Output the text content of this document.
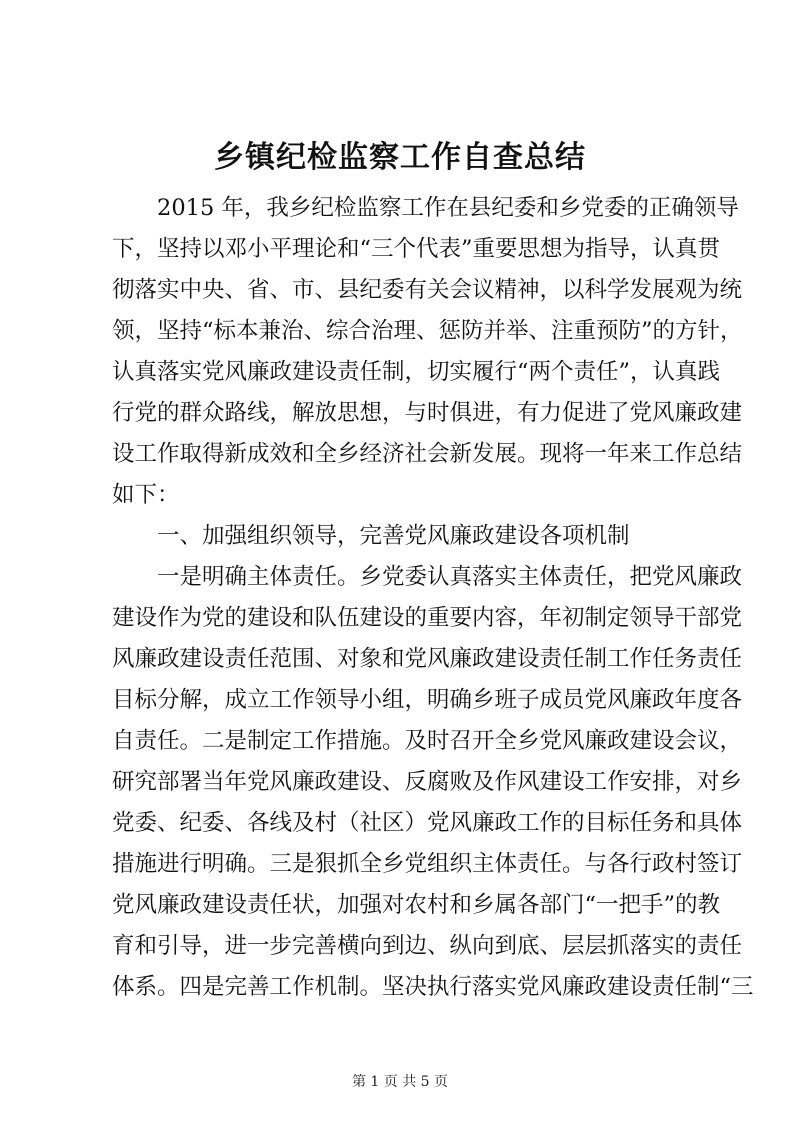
乡镇纪检监察工作自查总结
　　2015 年，我乡纪检监察工作在县纪委和乡党委的正确领导
下，坚持以邓小平理论和“三个代表”重要思想为指导，认真贯
彻落实中央、省、市、县纪委有关会议精神，以科学发展观为统
领，坚持“标本兼治、综合治理、惩防并举、注重预防”的方针，
认真落实党风廉政建设责任制，切实履行“两个责任”，认真践
行党的群众路线，解放思想，与时俱进，有力促进了党风廉政建
设工作取得新成效和全乡经济社会新发展。现将一年来工作总结
如下：
　　一、加强组织领导，完善党风廉政建设各项机制
　　一是明确主体责任。乡党委认真落实主体责任，把党风廉政
建设作为党的建设和队伍建设的重要内容，年初制定领导干部党
风廉政建设责任范围、对象和党风廉政建设责任制工作任务责任
目标分解，成立工作领导小组，明确乡班子成员党风廉政年度各
自责任。二是制定工作措施。及时召开全乡党风廉政建设会议，
研究部署当年党风廉政建设、反腐败及作风建设工作安排，对乡
党委、纪委、各线及村（社区）党风廉政工作的目标任务和具体
措施进行明确。三是狠抓全乡党组织主体责任。与各行政村签订
党风廉政建设责任状，加强对农村和乡属各部门“一把手”的教
育和引导，进一步完善横向到边、纵向到底、层层抓落实的责任
体系。四是完善工作机制。坚决执行落实党风廉政建设责任制“三
第 1 页 共 5 页
